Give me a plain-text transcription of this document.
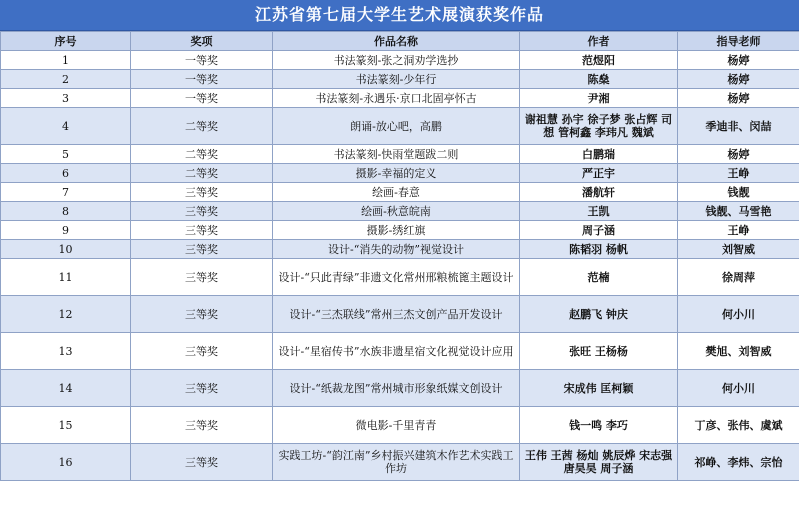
江苏省第七届大学生艺术展演获奖作品
序号	奖项	作品名称	作者	指导老师
1	一等奖	书法篆刻-张之洞劝学选抄	范煜阳	杨婷
2	一等奖	书法篆刻-少年行	陈燊	杨婷
3	一等奖	书法篆刻-永遇乐·京口北固亭怀古	尹湘	杨婷
4	二等奖	朗诵-放心吧，高鹏	谢祖慧 孙宇 徐子梦 张占辉 司想 管柯鑫 李玮凡 魏斌	季迪非、闵喆
5	二等奖	书法篆刻-快雨堂题跋二则	白鹏瑞	杨婷
6	二等奖	摄影-幸福的定义	严正宇	王峥
7	三等奖	绘画-春意	潘航轩	钱靓
8	三等奖	绘画-秋意皖南	王凯	钱靓、马雪艳
9	三等奖	摄影-绣红旗	周子涵	王峥
10	三等奖	设计-“消失的动物”视觉设计	陈韬羽 杨帆	刘智威
11	三等奖	设计-“只此青绿”非遗文化常州邢粮梳篦主题设计	范楠	徐周萍
12	三等奖	设计-“三杰联线”常州三杰文创产品开发设计	赵鹏飞 钟庆	何小川
13	三等奖	设计-“星宿传书”水族非遗星宿文化视觉设计应用	张旺 王杨杨	樊旭、刘智威
14	三等奖	设计-“纸裁龙图”常州城市形象纸媒文创设计	宋成伟 匡柯颖	何小川
15	三等奖	微电影-千里青青	钱一鸣 李巧	丁彦、张伟、虞斌
16	三等奖	实践工坊-“韵江南”乡村振兴建筑木作艺术实践工作坊	王伟 王茜 杨灿 姚辰烨 宋志强 唐昊昊 周子涵	祁峥、李炜、宗怡
